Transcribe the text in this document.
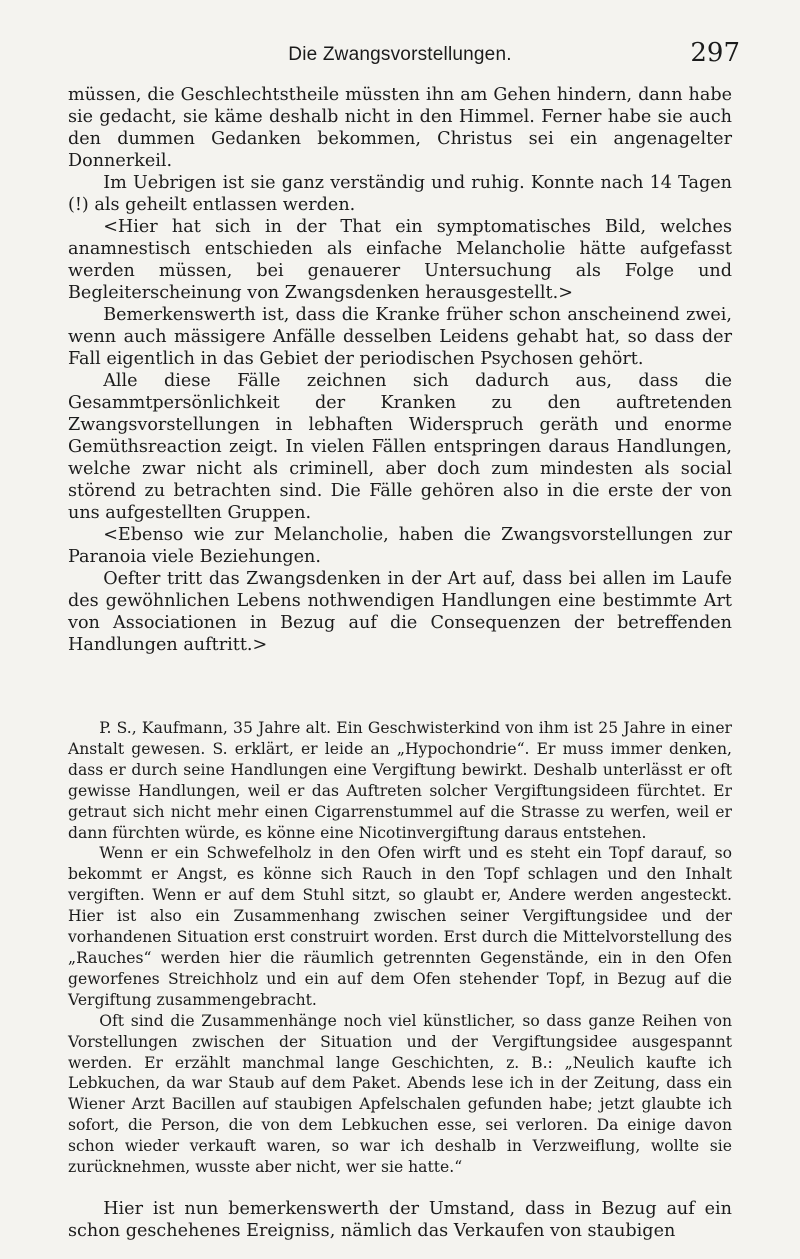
Die Zwangsvorstellungen.	297

müssen, die Geschlechtstheile müssten ihn am Gehen hindern, dann habe sie gedacht, sie käme deshalb nicht in den Himmel. Ferner habe sie auch den dummen Gedanken bekommen, Christus sei ein angenagelter Donnerkeil.

Im Uebrigen ist sie ganz verständig und ruhig. Konnte nach 14 Tagen (!) als geheilt entlassen werden.

<Hier hat sich in der That ein symptomatisches Bild, welches anamnestisch entschieden als einfache Melancholie hätte aufgefasst werden müssen, bei genauerer Untersuchung als Folge und Begleiterscheinung von Zwangsdenken herausgestellt.>

Bemerkenswerth ist, dass die Kranke früher schon anscheinend zwei, wenn auch mässigere Anfälle desselben Leidens gehabt hat, so dass der Fall eigentlich in das Gebiet der periodischen Psychosen gehört.

Alle diese Fälle zeichnen sich dadurch aus, dass die Gesammtpersönlichkeit der Kranken zu den auftretenden Zwangsvorstellungen in lebhaften Widerspruch geräth und enorme Gemüthsreaction zeigt. In vielen Fällen entspringen daraus Handlungen, welche zwar nicht als criminell, aber doch zum mindesten als social störend zu betrachten sind. Die Fälle gehören also in die erste der von uns aufgestellten Gruppen.

<Ebenso wie zur Melancholie, haben die Zwangsvorstellungen zur Paranoia viele Beziehungen.

Oefter tritt das Zwangsdenken in der Art auf, dass bei allen im Laufe des gewöhnlichen Lebens nothwendigen Handlungen eine bestimmte Art von Associationen in Bezug auf die Consequenzen der betreffenden Handlungen auftritt.>

P. S., Kaufmann, 35 Jahre alt. Ein Geschwisterkind von ihm ist 25 Jahre in einer Anstalt gewesen. S. erklärt, er leide an „Hypochondrie“. Er muss immer denken, dass er durch seine Handlungen eine Vergiftung bewirkt. Deshalb unterlässt er oft gewisse Handlungen, weil er das Auftreten solcher Vergiftungsideen fürchtet. Er getraut sich nicht mehr einen Cigarrenstummel auf die Strasse zu werfen, weil er dann fürchten würde, es könne eine Nicotinvergiftung daraus entstehen.

Wenn er ein Schwefelholz in den Ofen wirft und es steht ein Topf darauf, so bekommt er Angst, es könne sich Rauch in den Topf schlagen und den Inhalt vergiften. Wenn er auf dem Stuhl sitzt, so glaubt er, Andere werden angesteckt. Hier ist also ein Zusammenhang zwischen seiner Vergiftungsidee und der vorhandenen Situation erst construirt worden. Erst durch die Mittelvorstellung des „Rauches“ werden hier die räumlich getrennten Gegenstände, ein in den Ofen geworfenes Streichholz und ein auf dem Ofen stehender Topf, in Bezug auf die Vergiftung zusammengebracht.

Oft sind die Zusammenhänge noch viel künstlicher, so dass ganze Reihen von Vorstellungen zwischen der Situation und der Vergiftungsidee ausgespannt werden. Er erzählt manchmal lange Geschichten, z. B.: „Neulich kaufte ich Lebkuchen, da war Staub auf dem Paket. Abends lese ich in der Zeitung, dass ein Wiener Arzt Bacillen auf staubigen Apfelschalen gefunden habe; jetzt glaubte ich sofort, die Person, die von dem Lebkuchen esse, sei verloren. Da einige davon schon wieder verkauft waren, so war ich deshalb in Verzweiflung, wollte sie zurücknehmen, wusste aber nicht, wer sie hatte.“

Hier ist nun bemerkenswerth der Umstand, dass in Bezug auf ein schon geschehenes Ereigniss, nämlich das Verkaufen von staubigen
